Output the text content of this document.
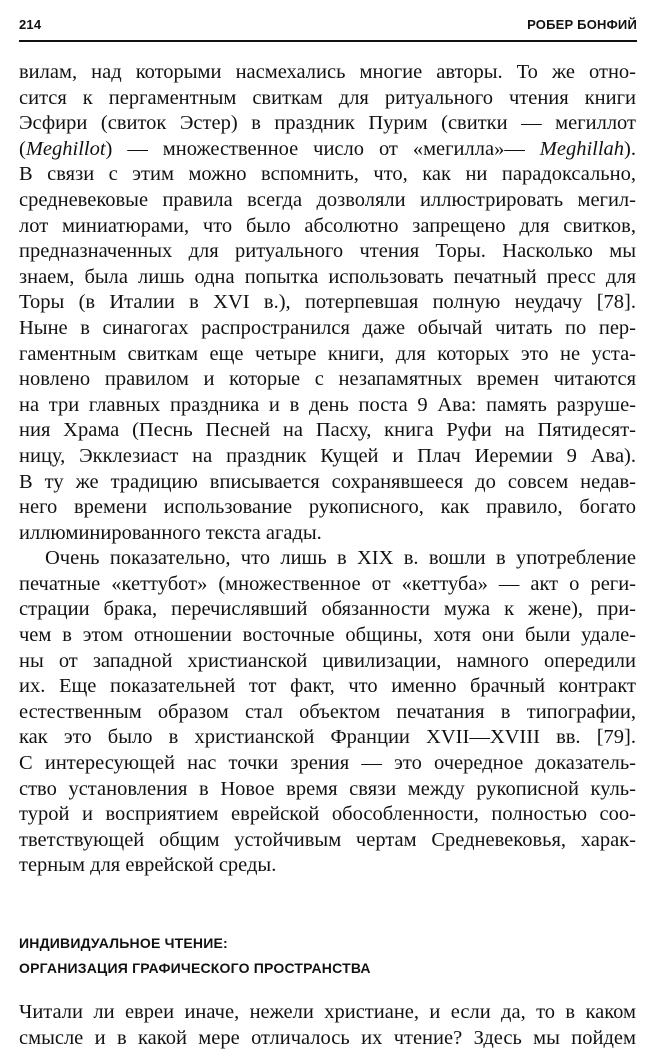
214	РОБЕР БОНФИЙ

вилам, над которыми насмехались многие авторы. То же отно-
сится к пергаментным свиткам для ритуального чтения книги
Эсфири (свиток Эстер) в праздник Пурим (свитки — мегиллот
(Meghillot) — множественное число от «мегилла»— Meghillah).
В связи с этим можно вспомнить, что, как ни парадоксально,
средневековые правила всегда дозволяли иллюстрировать мегил-
лот миниатюрами, что было абсолютно запрещено для свитков,
предназначенных для ритуального чтения Торы. Насколько мы
знаем, была лишь одна попытка использовать печатный пресс для
Торы (в Италии в XVI в.), потерпевшая полную неудачу [78].
Ныне в синагогах распространился даже обычай читать по пер-
гаментным свиткам еще четыре книги, для которых это не уста-
новлено правилом и которые с незапамятных времен читаются
на три главных праздника и в день поста 9 Ава: память разруше-
ния Храма (Песнь Песней на Пасху, книга Руфи на Пятидесят-
ницу, Экклезиаст на праздник Кущей и Плач Иеремии 9 Ава).
В ту же традицию вписывается сохранявшееся до совсем недав-
него времени использование рукописного, как правило, богато
иллюминированного текста агады.

Очень показательно, что лишь в XIX в. вошли в употребление
печатные «кеттубот» (множественное от «кеттуба» — акт о реги-
страции брака, перечислявший обязанности мужа к жене), при-
чем в этом отношении восточные общины, хотя они были удале-
ны от западной христианской цивилизации, намного опередили
их. Еще показательней тот факт, что именно брачный контракт
естественным образом стал объектом печатания в типографии,
как это было в христианской Франции XVII—XVIII вв. [79].
С интересующей нас точки зрения — это очередное доказатель-
ство установления в Новое время связи между рукописной куль-
турой и восприятием еврейской обособленности, полностью соо-
тветствующей общим устойчивым чертам Средневековья, харак-
терным для еврейской среды.

ИНДИВИДУАЛЬНОЕ ЧТЕНИЕ:
ОРГАНИЗАЦИЯ ГРАФИЧЕСКОГО ПРОСТРАНСТВА
Читали ли евреи иначе, нежели христиане, и если да, то в каком
смысле и в какой мере отличалось их чтение? Здесь мы пойдем
